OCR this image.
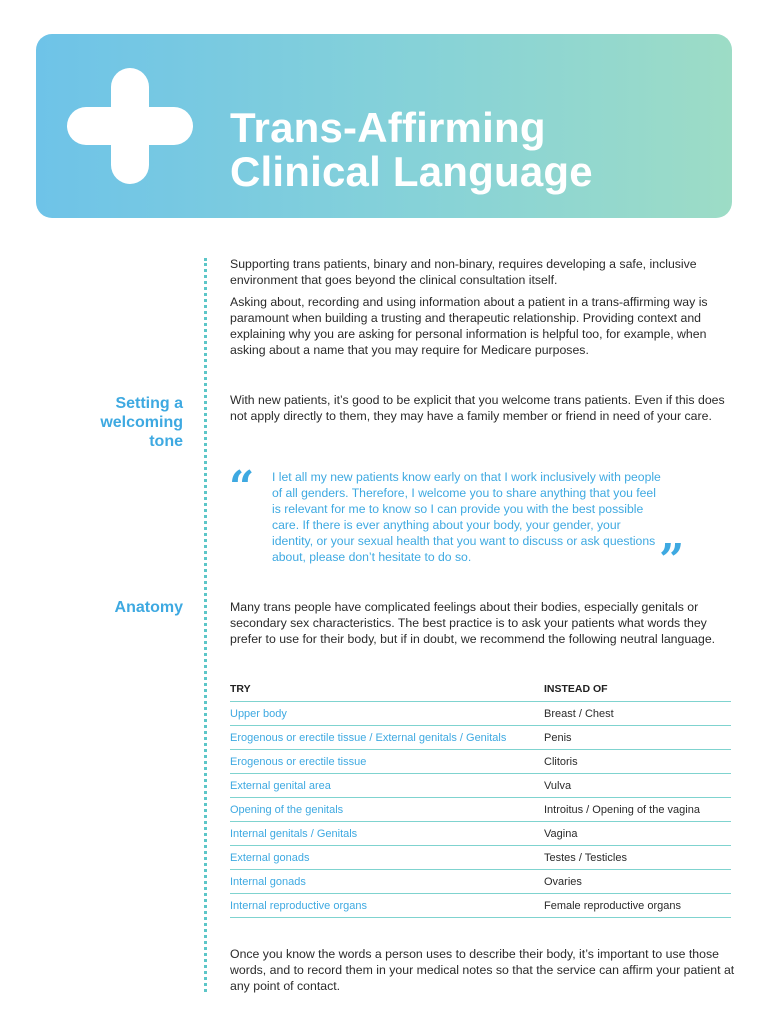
Trans-Affirming
Clinical Language

Supporting trans patients, binary and non-binary, requires developing a safe, inclusive environment that goes beyond the clinical consultation itself.

Asking about, recording and using information about a patient in a trans-affirming way is paramount when building a trusting and therapeutic relationship. Providing context and explaining why you are asking for personal information is helpful too, for example, when asking about a name that you may require for Medicare purposes.

Setting a
welcoming
tone

With new patients, it’s good to be explicit that you welcome trans patients. Even if this does not apply directly to them, they may have a family member or friend in need of your care.

“ I let all my new patients know early on that I work inclusively with people of all genders. Therefore, I welcome you to share anything that you feel is relevant for me to know so I can provide you with the best possible care. If there is ever anything about your body, your gender, your identity, or your sexual health that you want to discuss or ask questions about, please don’t hesitate to do so.	”
Anatomy	Many trans people have complicated feelings about their bodies, especially genitals or secondary sex characteristics. The best practice is to ask your patients what words they prefer to use for their body, but if in doubt, we recommend the following neutral language.

TRY	INSTEAD OF
Upper body	Breast / Chest
Erogenous or erectile tissue / External genitals / Genitals	Penis
Erogenous or erectile tissue	Clitoris
External genital area	Vulva
Opening of the genitals	Introitus / Opening of the vagina
Internal genitals / Genitals	Vagina
External gonads	Testes / Testicles
Internal gonads	Ovaries
Internal reproductive organs	Female reproductive organs

Once you know the words a person uses to describe their body, it’s important to use those words, and to record them in your medical notes so that the service can affirm your patient at any point of contact.
